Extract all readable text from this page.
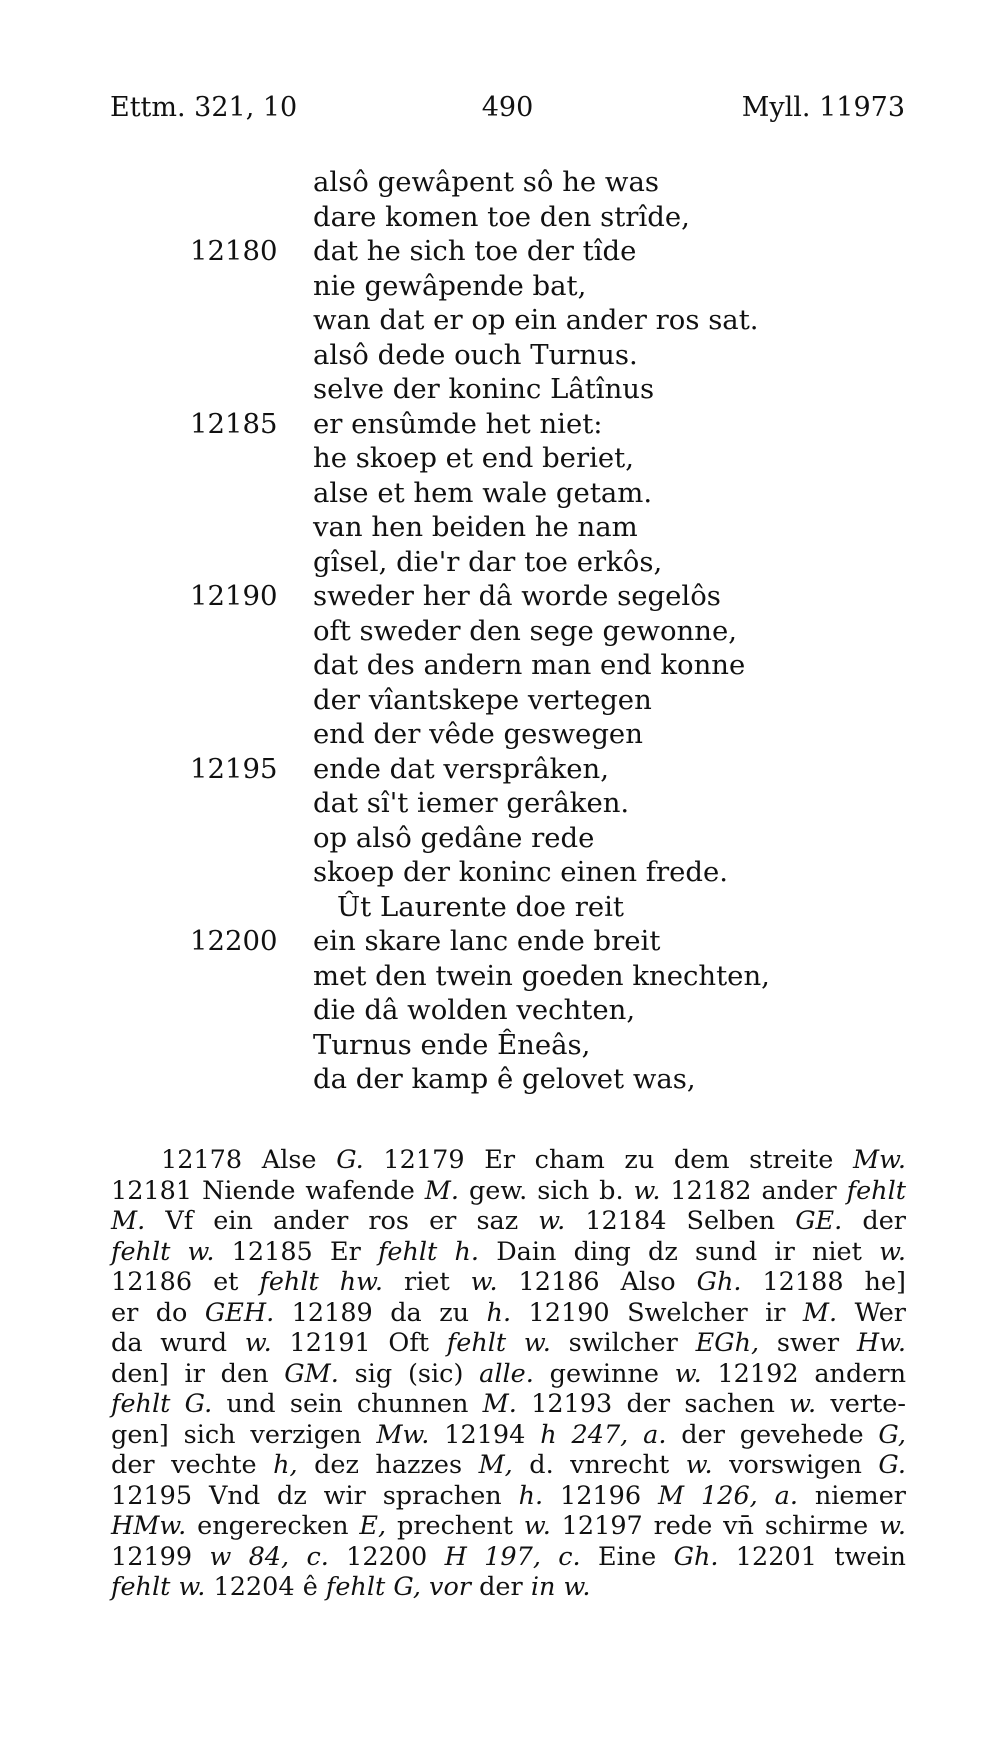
Ettm. 321, 10	490	Myll. 11973
alsô gewâpent sô he was
dare komen toe den strîde,
12180 dat he sich toe der tîde
nie gewâpende bat,
wan dat er op ein ander ros sat.
alsô dede ouch Turnus.
selve der koninc Lâtînus
12185 er ensûmde het niet:
he skoep et end beriet,
alse et hem wale getam.
van hen beiden he nam
gîsel, die'r dar toe erkôs,
12190 sweder her dâ worde segelôs
oft sweder den sege gewonne,
dat des andern man end konne
der vîantskepe vertegen
end der vêde geswegen
12195 ende dat versprâken,
dat sî't iemer gerâken.
op alsô gedâne rede
skoep der koninc einen frede.
Ût Laurente doe reit
12200 ein skare lanc ende breit
met den twein goeden knechten,
die dâ wolden vechten,
Turnus ende Êneâs,
da der kamp ê gelovet was,
12178 Alse G. 12179 Er cham zu dem streite Mw.
12181 Niende wafende M. gew. sich b. w. 12182 ander fehlt
M. Vf ein ander ros er saz w. 12184 Selben GE. der
fehlt w. 12185 Er fehlt h. Dain ding dz sund ir niet w.
12186 et fehlt hw. riet w. 12186 Also Gh. 12188 he]
er do GEH. 12189 da zu h. 12190 Swelcher ir M. Wer
da wurd w. 12191 Oft fehlt w. swilcher EGh, swer Hw.
den] ir den GM. sig (sic) alle. gewinne w. 12192 andern
fehlt G. und sein chunnen M. 12193 der sachen w. verte-
gen] sich verzigen Mw. 12194 h 247, a. der gevehede G,
der vechte h, dez hazzes M, d. vnrecht w. vorswigen G.
12195 Vnd dz wir sprachen h. 12196 M 126, a. niemer
HMw. engerecken E, prechent w. 12197 rede vn̄ schirme w.
12199 w 84, c. 12200 H 197, c. Eine Gh. 12201 twein
fehlt w. 12204 ê fehlt G, vor der in w.
